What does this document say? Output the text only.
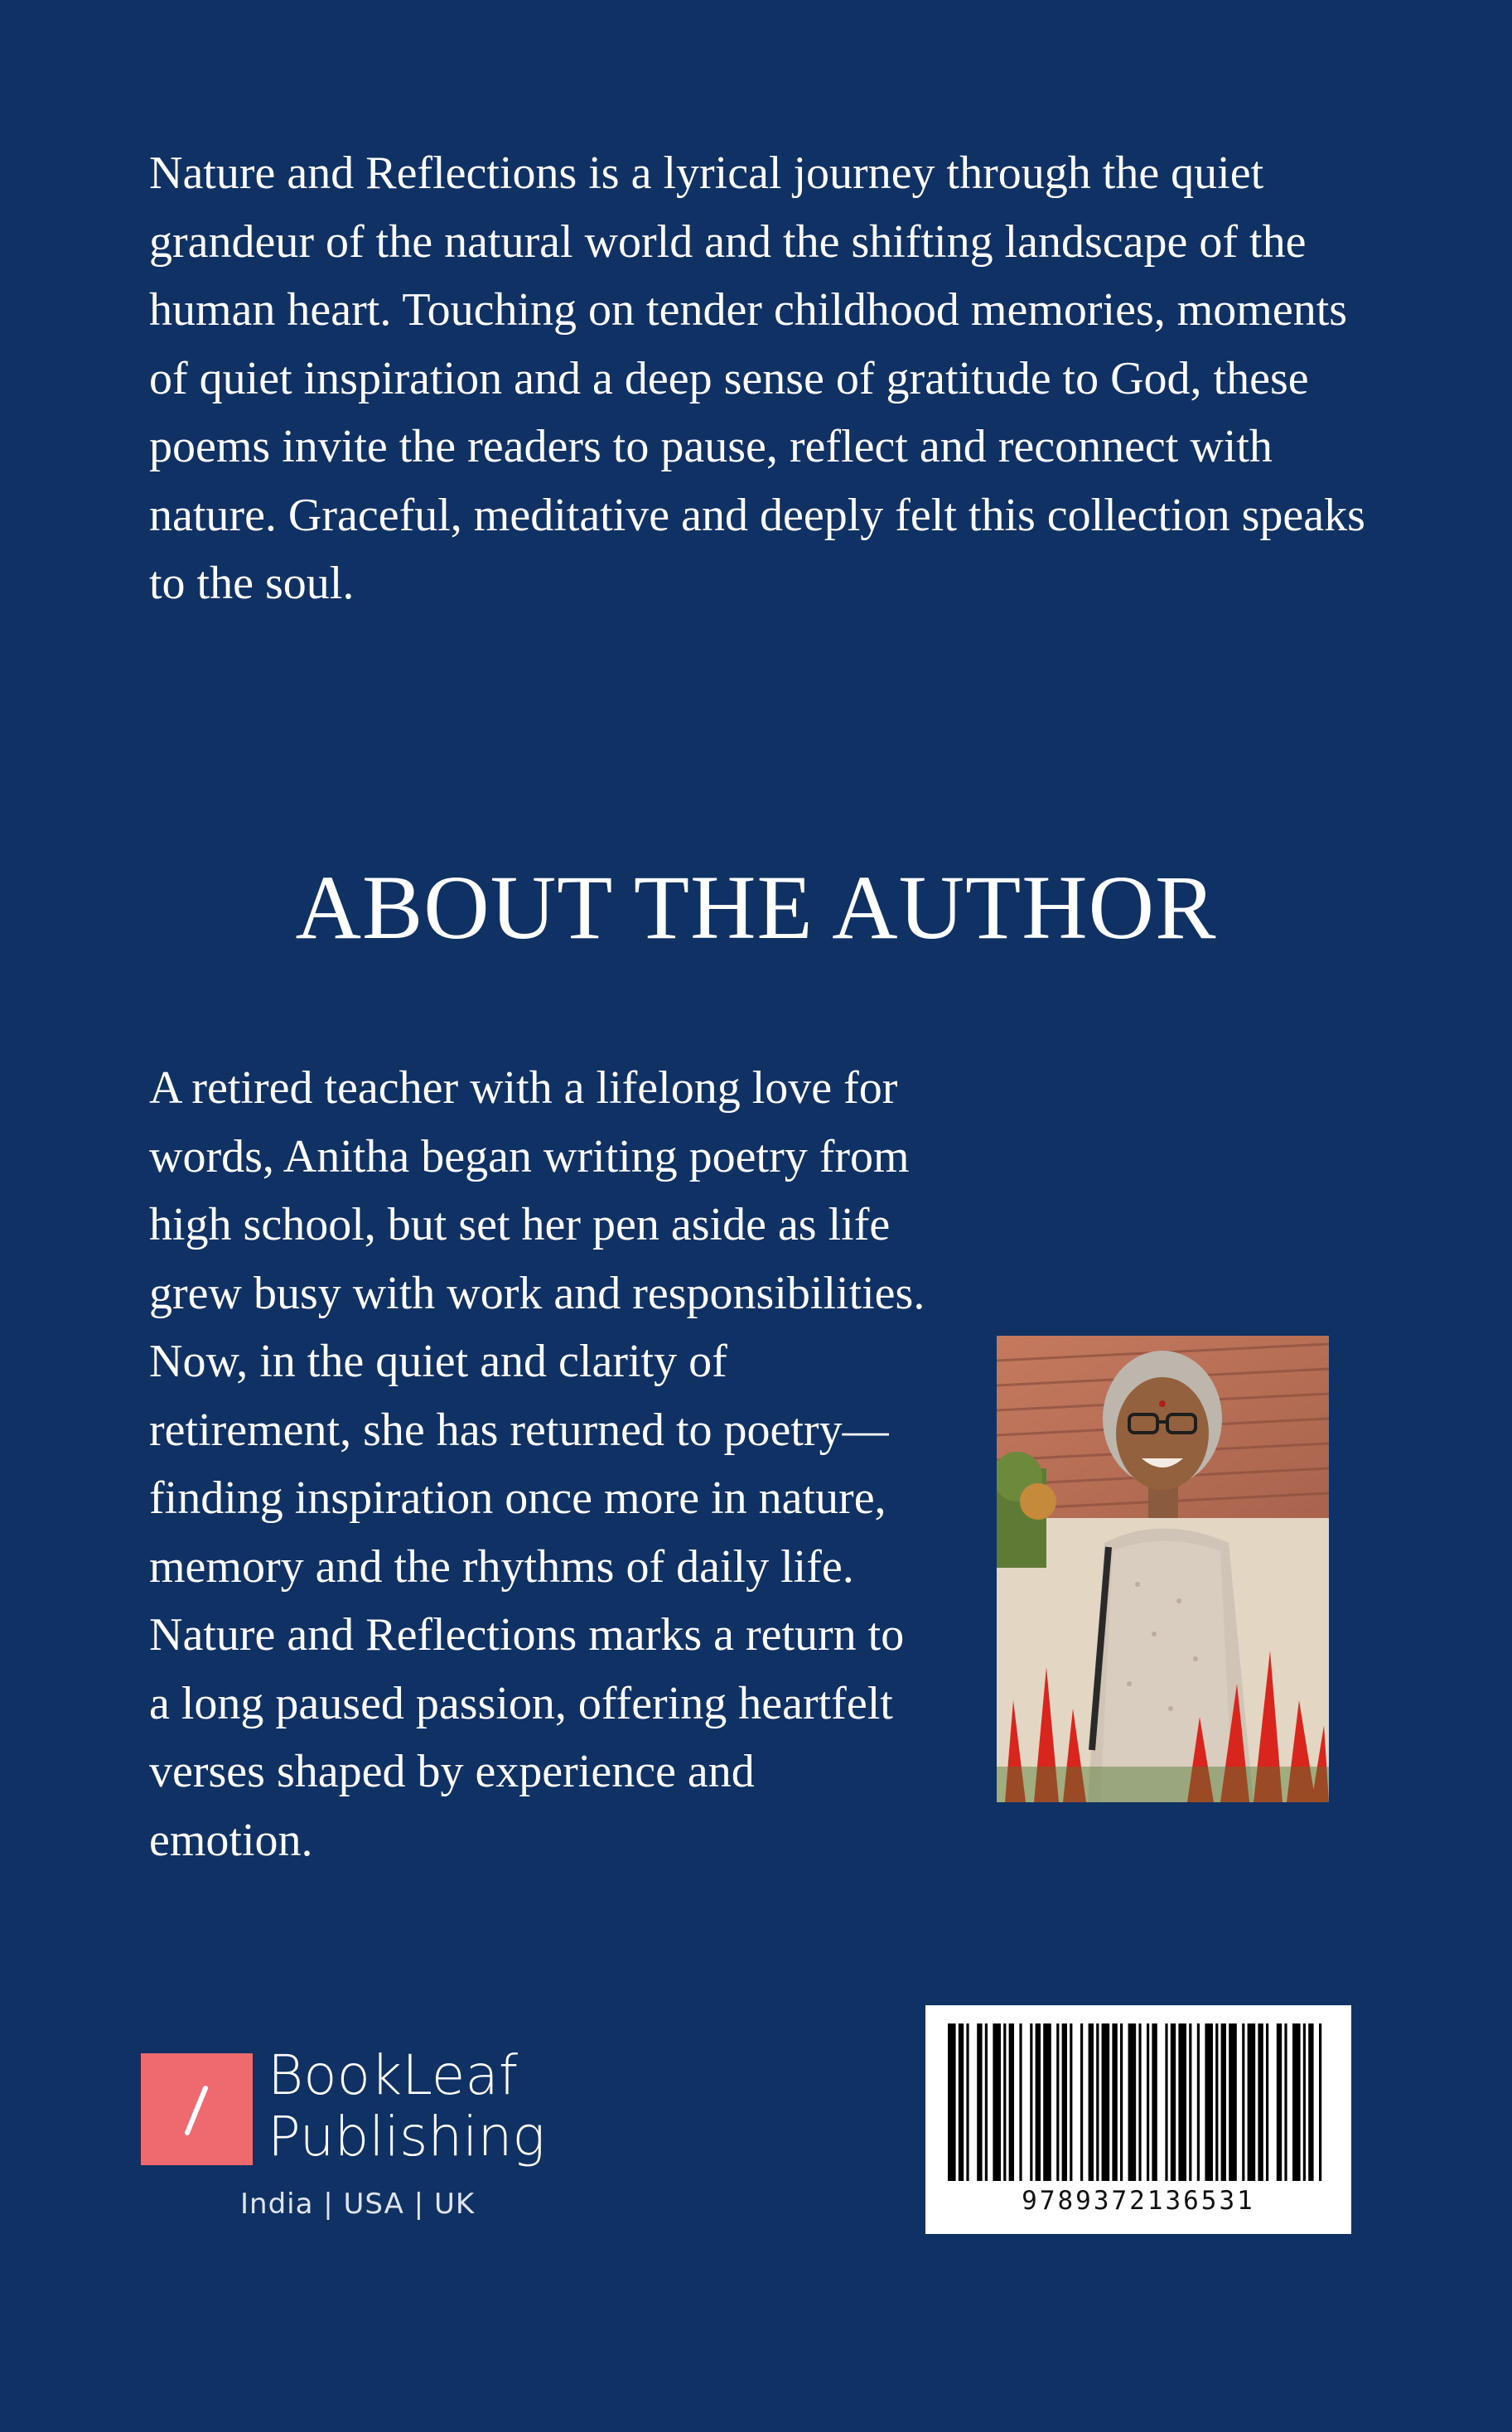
Nature and Reflections is a lyrical journey through the quiet grandeur of the natural world and the shifting landscape of the human heart. Touching on tender childhood memories, moments of quiet inspiration and a deep sense of gratitude to God, these poems invite the readers to pause, reflect and reconnect with nature. Graceful, meditative and deeply felt this collection speaks to the soul.

ABOUT THE AUTHOR

A retired teacher with a lifelong love for words, Anitha began writing poetry from high school, but set her pen aside as life grew busy with work and responsibilities. Now, in the quiet and clarity of retirement, she has returned to poetry—finding inspiration once more in nature, memory and the rhythms of daily life. Nature and Reflections marks a return to a long paused passion, offering heartfelt verses shaped by experience and emotion.

BookLeaf
Publishing
India | USA | UK	9789372136531
